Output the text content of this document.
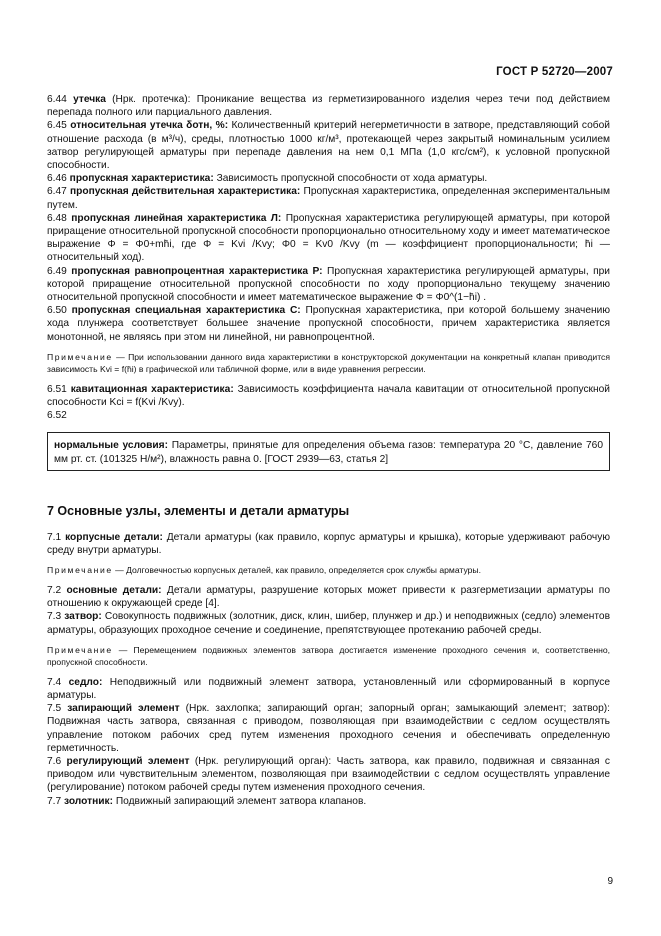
ГОСТ Р 52720—2007

6.44 утечка (Нрк. протечка): Проникание вещества из герметизированного изделия через течи под действием перепада полного или парциального давления.

6.45 относительная утечка δотн, %: Количественный критерий негерметичности в затворе, представляющий собой отношение расхода (в м³/ч), среды, плотностью 1000 кг/м³, протекающей через закрытый номинальным усилием затвор регулирующей арматуры при перепаде давления на нем 0,1 МПа (1,0 кгс/см²), к условной пропускной способности.

6.46 пропускная характеристика: Зависимость пропускной способности от хода арматуры.

6.47 пропускная действительная характеристика: Пропускная характеристика, определенная экспериментальным путем.

6.48 пропускная линейная характеристика Л: Пропускная характеристика регулирующей арматуры, при которой приращение относительной пропускной способности пропорционально относительному ходу и имеет математическое выражение Φ = Φ0+mh̄i, где Φ = Kvi /Kvy; Φ0 = Kv0 /Kvy (m — коэффициент пропорциональности; h̄i — относительный ход).

6.49 пропускная равнопроцентная характеристика Р: Пропускная характеристика регулирующей арматуры, при которой приращение относительной пропускной способности по ходу пропорционально текущему значению относительной пропускной способности и имеет математическое выражение Φ = Φ0^(1−h̄i) .

6.50 пропускная специальная характеристика С: Пропускная характеристика, при которой большему значению хода плунжера соответствует большее значение пропускной способности, причем характеристика является монотонной, не являясь при этом ни линейной, ни равнопроцентной.

Примечание — При использовании данного вида характеристики в конструкторской документации на конкретный клапан приводится зависимость Kvi = f(h̄i) в графической или табличной форме, или в виде уравнения регрессии.

6.51 кавитационная характеристика: Зависимость коэффициента начала кавитации от относительной пропускной способности Kci = f(Kvi /Kvy).

6.52

нормальные условия: Параметры, принятые для определения объема газов: температура 20 °С, давление 760 мм рт. ст. (101325 Н/м²), влажность равна 0. [ГОСТ 2939—63, статья 2]

7 Основные узлы, элементы и детали арматуры

7.1 корпусные детали: Детали арматуры (как правило, корпус арматуры и крышка), которые удерживают рабочую среду внутри арматуры.

Примечание — Долговечностью корпусных деталей, как правило, определяется срок службы арматуры.

7.2 основные детали: Детали арматуры, разрушение которых может привести к разгерметизации арматуры по отношению к окружающей среде [4].

7.3 затвор: Совокупность подвижных (золотник, диск, клин, шибер, плунжер и др.) и неподвижных (седло) элементов арматуры, образующих проходное сечение и соединение, препятствующее протеканию рабочей среды.

Примечание — Перемещением подвижных элементов затвора достигается изменение проходного сечения и, соответственно, пропускной способности.

7.4 седло: Неподвижный или подвижный элемент затвора, установленный или сформированный в корпусе арматуры.

7.5 запирающий элемент (Нрк. захлопка; запирающий орган; запорный орган; замыкающий элемент; затвор): Подвижная часть затвора, связанная с приводом, позволяющая при взаимодействии с седлом осуществлять управление потоком рабочих сред путем изменения проходного сечения и обеспечивать определенную герметичность.

7.6 регулирующий элемент (Нрк. регулирующий орган): Часть затвора, как правило, подвижная и связанная с приводом или чувствительным элементом, позволяющая при взаимодействии с седлом осуществлять управление (регулирование) потоком рабочей среды путем изменения проходного сечения.

7.7 золотник: Подвижный запирающий элемент затвора клапанов.

9
